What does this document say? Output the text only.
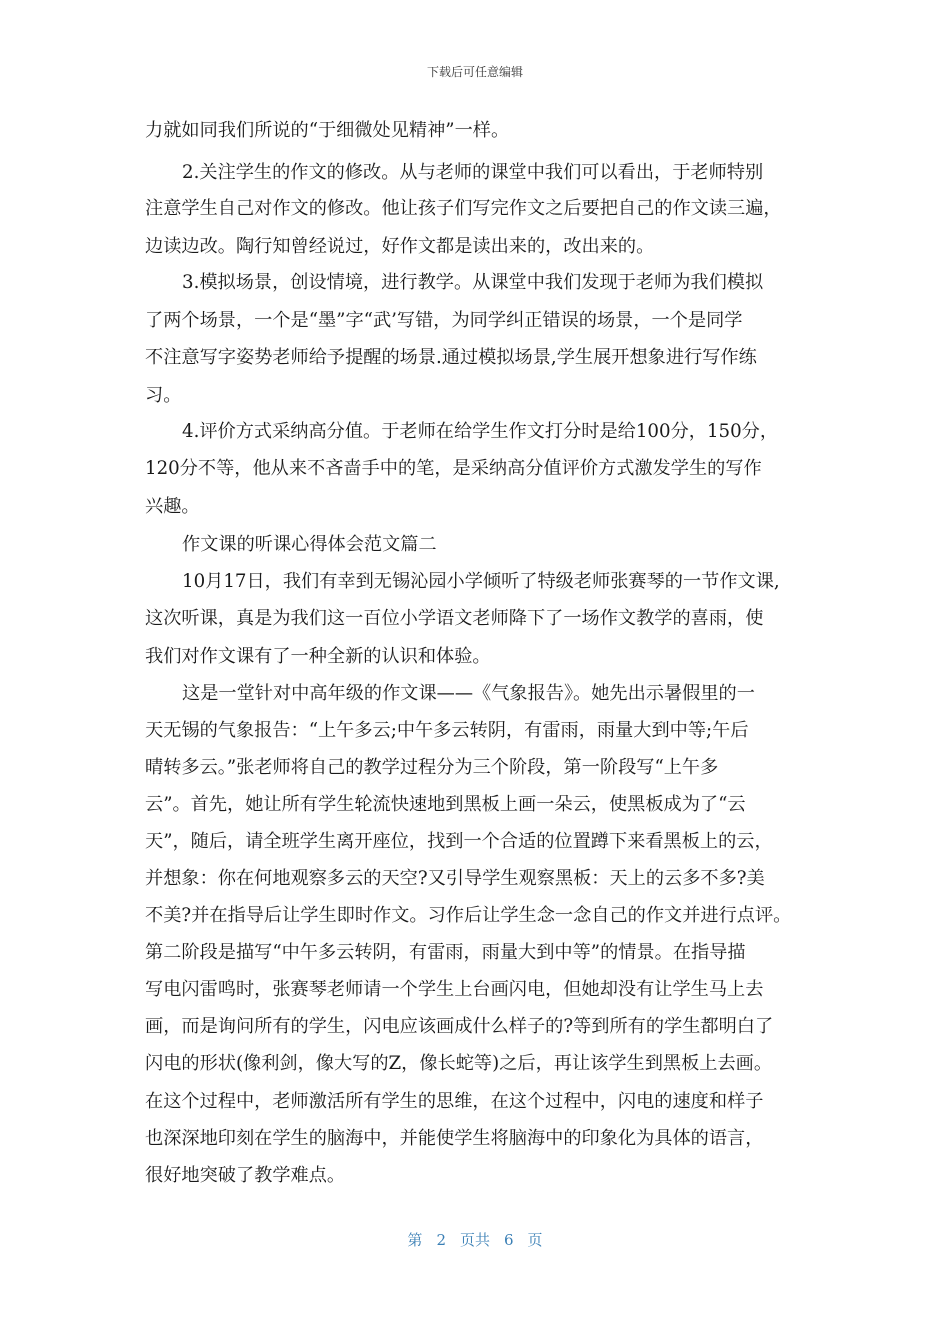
下载后可任意编辑
力就如同我们所说的“于细微处见精神”一样。
2.关注学生的作文的修改。从与老师的课堂中我们可以看出，于老师特别
注意学生自己对作文的修改。他让孩子们写完作文之后要把自己的作文读三遍，
边读边改。陶行知曾经说过，好作文都是读出来的，改出来的。
3.模拟场景，创设情境，进行教学。从课堂中我们发现于老师为我们模拟
了两个场景，一个是“墨”字“武’写错，为同学纠正错误的场景，一个是同学
不注意写字姿势老师给予提醒的场景.通过模拟场景,学生展开想象进行写作练
习。
4.评价方式采纳高分值。于老师在给学生作文打分时是给100分，150分，
120分不等，他从来不吝啬手中的笔，是采纳高分值评价方式激发学生的写作
兴趣。
作文课的听课心得体会范文篇二
10月17日，我们有幸到无锡沁园小学倾听了特级老师张赛琴的一节作文课,
这次听课，真是为我们这一百位小学语文老师降下了一场作文教学的喜雨，使
我们对作文课有了一种全新的认识和体验。
这是一堂针对中高年级的作文课——《气象报告》。她先出示暑假里的一
天无锡的气象报告：“上午多云;中午多云转阴，有雷雨，雨量大到中等;午后
晴转多云。”张老师将自己的教学过程分为三个阶段，第一阶段写“上午多
云”。首先，她让所有学生轮流快速地到黑板上画一朵云，使黑板成为了“云
天”，随后，请全班学生离开座位，找到一个合适的位置蹲下来看黑板上的云，
并想象：你在何地观察多云的天空?又引导学生观察黑板：天上的云多不多?美
不美?并在指导后让学生即时作文。习作后让学生念一念自己的作文并进行点评。
第二阶段是描写“中午多云转阴，有雷雨，雨量大到中等”的情景。在指导描
写电闪雷鸣时，张赛琴老师请一个学生上台画闪电，但她却没有让学生马上去
画，而是询问所有的学生，闪电应该画成什么样子的?等到所有的学生都明白了
闪电的形状(像利剑，像大写的Z，像长蛇等)之后，再让该学生到黑板上去画。
在这个过程中，老师激活所有学生的思维，在这个过程中，闪电的速度和样子
也深深地印刻在学生的脑海中，并能使学生将脑海中的印象化为具体的语言，
很好地突破了教学难点。
第 2 页共 6 页
